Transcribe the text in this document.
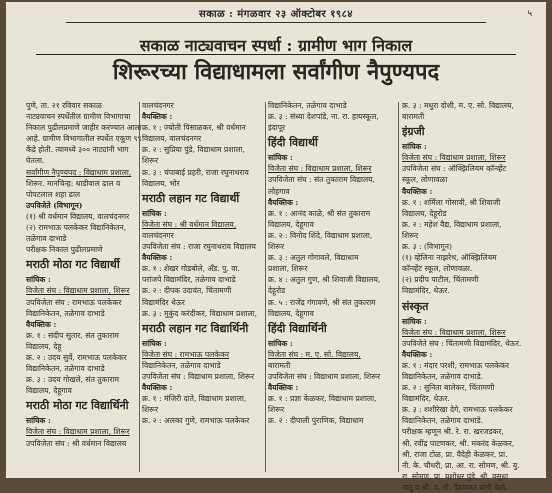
सकाळ : मंगळवार २३ ऑक्टोबर १९८४	५
सकाळ नाट्यवाचन स्पर्धा : ग्रामीण भाग निकाल
शिरूरच्या विद्याधामला सर्वांगीण नैपुण्यपद

पुणे, ता. २१ रविवार सकाळ

नाट्यवाचन स्पर्धेतील ग्रामीण विभागाचा

निकाल पुढीलप्रमाणे जाहीर करण्यात आला

आहे. ग्रामीण विभागातील स्पर्धेत एकूण ९९

केंद्रे होती. त्यामध्ये ३०० नाट्यांनी भाग

घेतला.

सर्वांगीण नैपुण्यपद : विद्याधाम प्रशाला,

शिरूर. मानचिन्ह: धाडीवाल ढाल व

पोपटलाल शहा ढाल

उपविजेते (विभागून)

(१) श्री वर्धमान विद्यालय, वालचंदनगर

(२) रामभाऊ पलकेकर विद्यानिकेतन,

तळेगाव दाभाडे

परीक्षक निकाल पुढीलप्रमाणे

मराठी मोठा गट विद्यार्थी

सांघिक :

विजेता संघ : विद्याधाम प्रशाला, शिरूर

उपविजेता संघ : रामभाऊ पलकेकर

विद्यानिकेतन, तळेगाव दाभाडे

वैयक्तिक :

क्र. १ : संदीप सुतार, संत तुकाराम

विद्यालय, देहू

क्र. २ : उदय सुर्वे, रामभाऊ पलकेकर

विद्यानिकेतन, तळेगाव दाभाडे

क्र. ३ : उदय गोखले, संत तुकाराम

विद्यालय, देहूगाव

मराठी मोठा गट विद्यार्थिनी

सांघिक :

विजेता संघ : विद्याधाम प्रशाला, शिरूर

उपविजेता संघ : श्री वर्धमान विद्यालय

वालचंदनगर

वैयक्तिक :

क्र. १ : ज्योती पिसाळकर, श्री वर्धमान

विद्यालय, वालचंदनगर

क्र. २ : सुप्रिया पुंडे, विद्याधाम प्रशाला,

शिरूर

क्र. ३ : चंपाबाई प्रहरी, राजा रघुनाथराव

विद्यालय, भोर

मराठी लहान गट विद्यार्थी

सांघिक :

विजेता संघ : श्री वर्धमान विद्यालय,

वालचंदनगर

उपविजेता संघ : राजा रघुनाथराव विद्यालय

वैयक्तिक :

क्र. १ : शेखर गोडबोले, अँड. पु. वा.

परांजपे विद्यामंदिर, तळेगाव दाभाडे

क्र. २ : दीपक उदावंत, चिंतामणी

विद्यामंदिर थेऊर

क्र. ३ : मुकुंद करंदीकर, विद्याधाम प्रशाला,

मराठी लहान गट विद्यार्थिनी

सांघिक :

विजेता संघ : रामभाऊ पलकेकर

विद्यानिकेतन, तळेगाव दाभाडे

उपविजेता संघ : विद्याधाम प्रशाला, शिरूर

वैयक्तिक :

क्र. १ : मंजिरी दाते, विद्याधाम प्रशाला,

शिरूर

क्र. २ : अलका गुणे, रामभाऊ पलकेकर

विद्यानिकेतन, तळेगाव दाभाडे

क्र. ३ : संध्या देशपांडे, ना. रा. हायस्कूल,

इंदापूर

हिंदी विद्यार्थी

सांघिक :

विजेता संघ : विद्याधाम प्रशाला, शिरूर

उपविजेता संघ : संत तुकाराम विद्यालय,

लोहगाव

वैयक्तिक :

क्र. १ : आनंद काळे, श्री संत तुकाराम

विद्यालय, देहूगाव

क्र. २ : विनोद शिंदे, विद्याधाम प्रशाला,

शिरूर

क्र. ३ : अतुल गोगावले, विद्याधाम

प्रशाला, शिरूर

क्र. ४ : अतुल गुण, श्री शिवाजी विद्यालय,

देहूरोड

क्र. ५ : राजेंद्र गंगावणे, श्री संत तुकाराम

विद्यालय, देहूगाव

हिंदी विद्यार्थिनी

सांघिक :

विजेता संघ : म. ए. सो. विद्यालय,

बारामती

उपविजेता संघ : विद्याधाम प्रशाला, शिरूर

वैयक्तिक :

क्र. १ : प्रज्ञा केळकर, विद्याधाम प्रशाला,

शिरूर

क्र. २ : दीपाली पुराणिक, विद्याधाम

क्र. ३ : मधुरा दोशी, म. ए. सो. विद्यालय,

बारामती

इंग्रजी

सांघिक :

विजेता संघ : विद्याधाम प्रशाला, शिरूर

उपविजेता संघ : ऑक्झिलियम कॉन्व्हेंट

स्कूल, लोणावळा

वैयक्तिक :

क्र. १ : शर्मिला गोसावी, श्री शिवाजी

विद्यालय, देहूरोड

क्र. २ : महेश वैद्य, विद्याधाम प्रशाला,

शिरूर

क्र. ३ : (विभागून)

(१) व्हेलिना नाझरेथ, ऑक्झिलियम

कॉन्व्हेंट स्कूल, लोणावळा.

(२) प्रदीप पाटील, चिंतामणी

विद्यामंदिर, थेऊर.

संस्कृत

सांघिक :

विजेता संघ : विद्याधाम प्रशाला, शिरूर

उपविजेते संघ : चिंतामणी विद्यामंदिर, थेऊर.

वैयक्तिक :

क्र. १ : मंदार परशी, रामभाऊ पलकेकर

विद्यानिकेतन, तळेगाव दाभाडे.

क्र. २ : सुनिता बालेकर, चिंतामणी

विद्यामंदिर, थेऊर.

क्र. ३ : शशीरेखा देगे, रामभाऊ पलकेकर

विद्यानिकेतन, तळेगाव दाभाडे.

परीक्षक म्हणून श्री. रे. रा. खरजडकर,

श्री. रवींद्र पाटणकर, श्री. मकरंद केळकर,

श्री. राजा टोळ, प्रा. वैदेही केळकर, प्रा.

नी. के. चौधरी, प्रा. आ. रा. सोमण, श्री. यु.

रा. सोमण, प्रा. यशोधर पुंडे, श्री. वसुधा

नातू व श्री. द. गो. पैठणकर यांनी केले.
